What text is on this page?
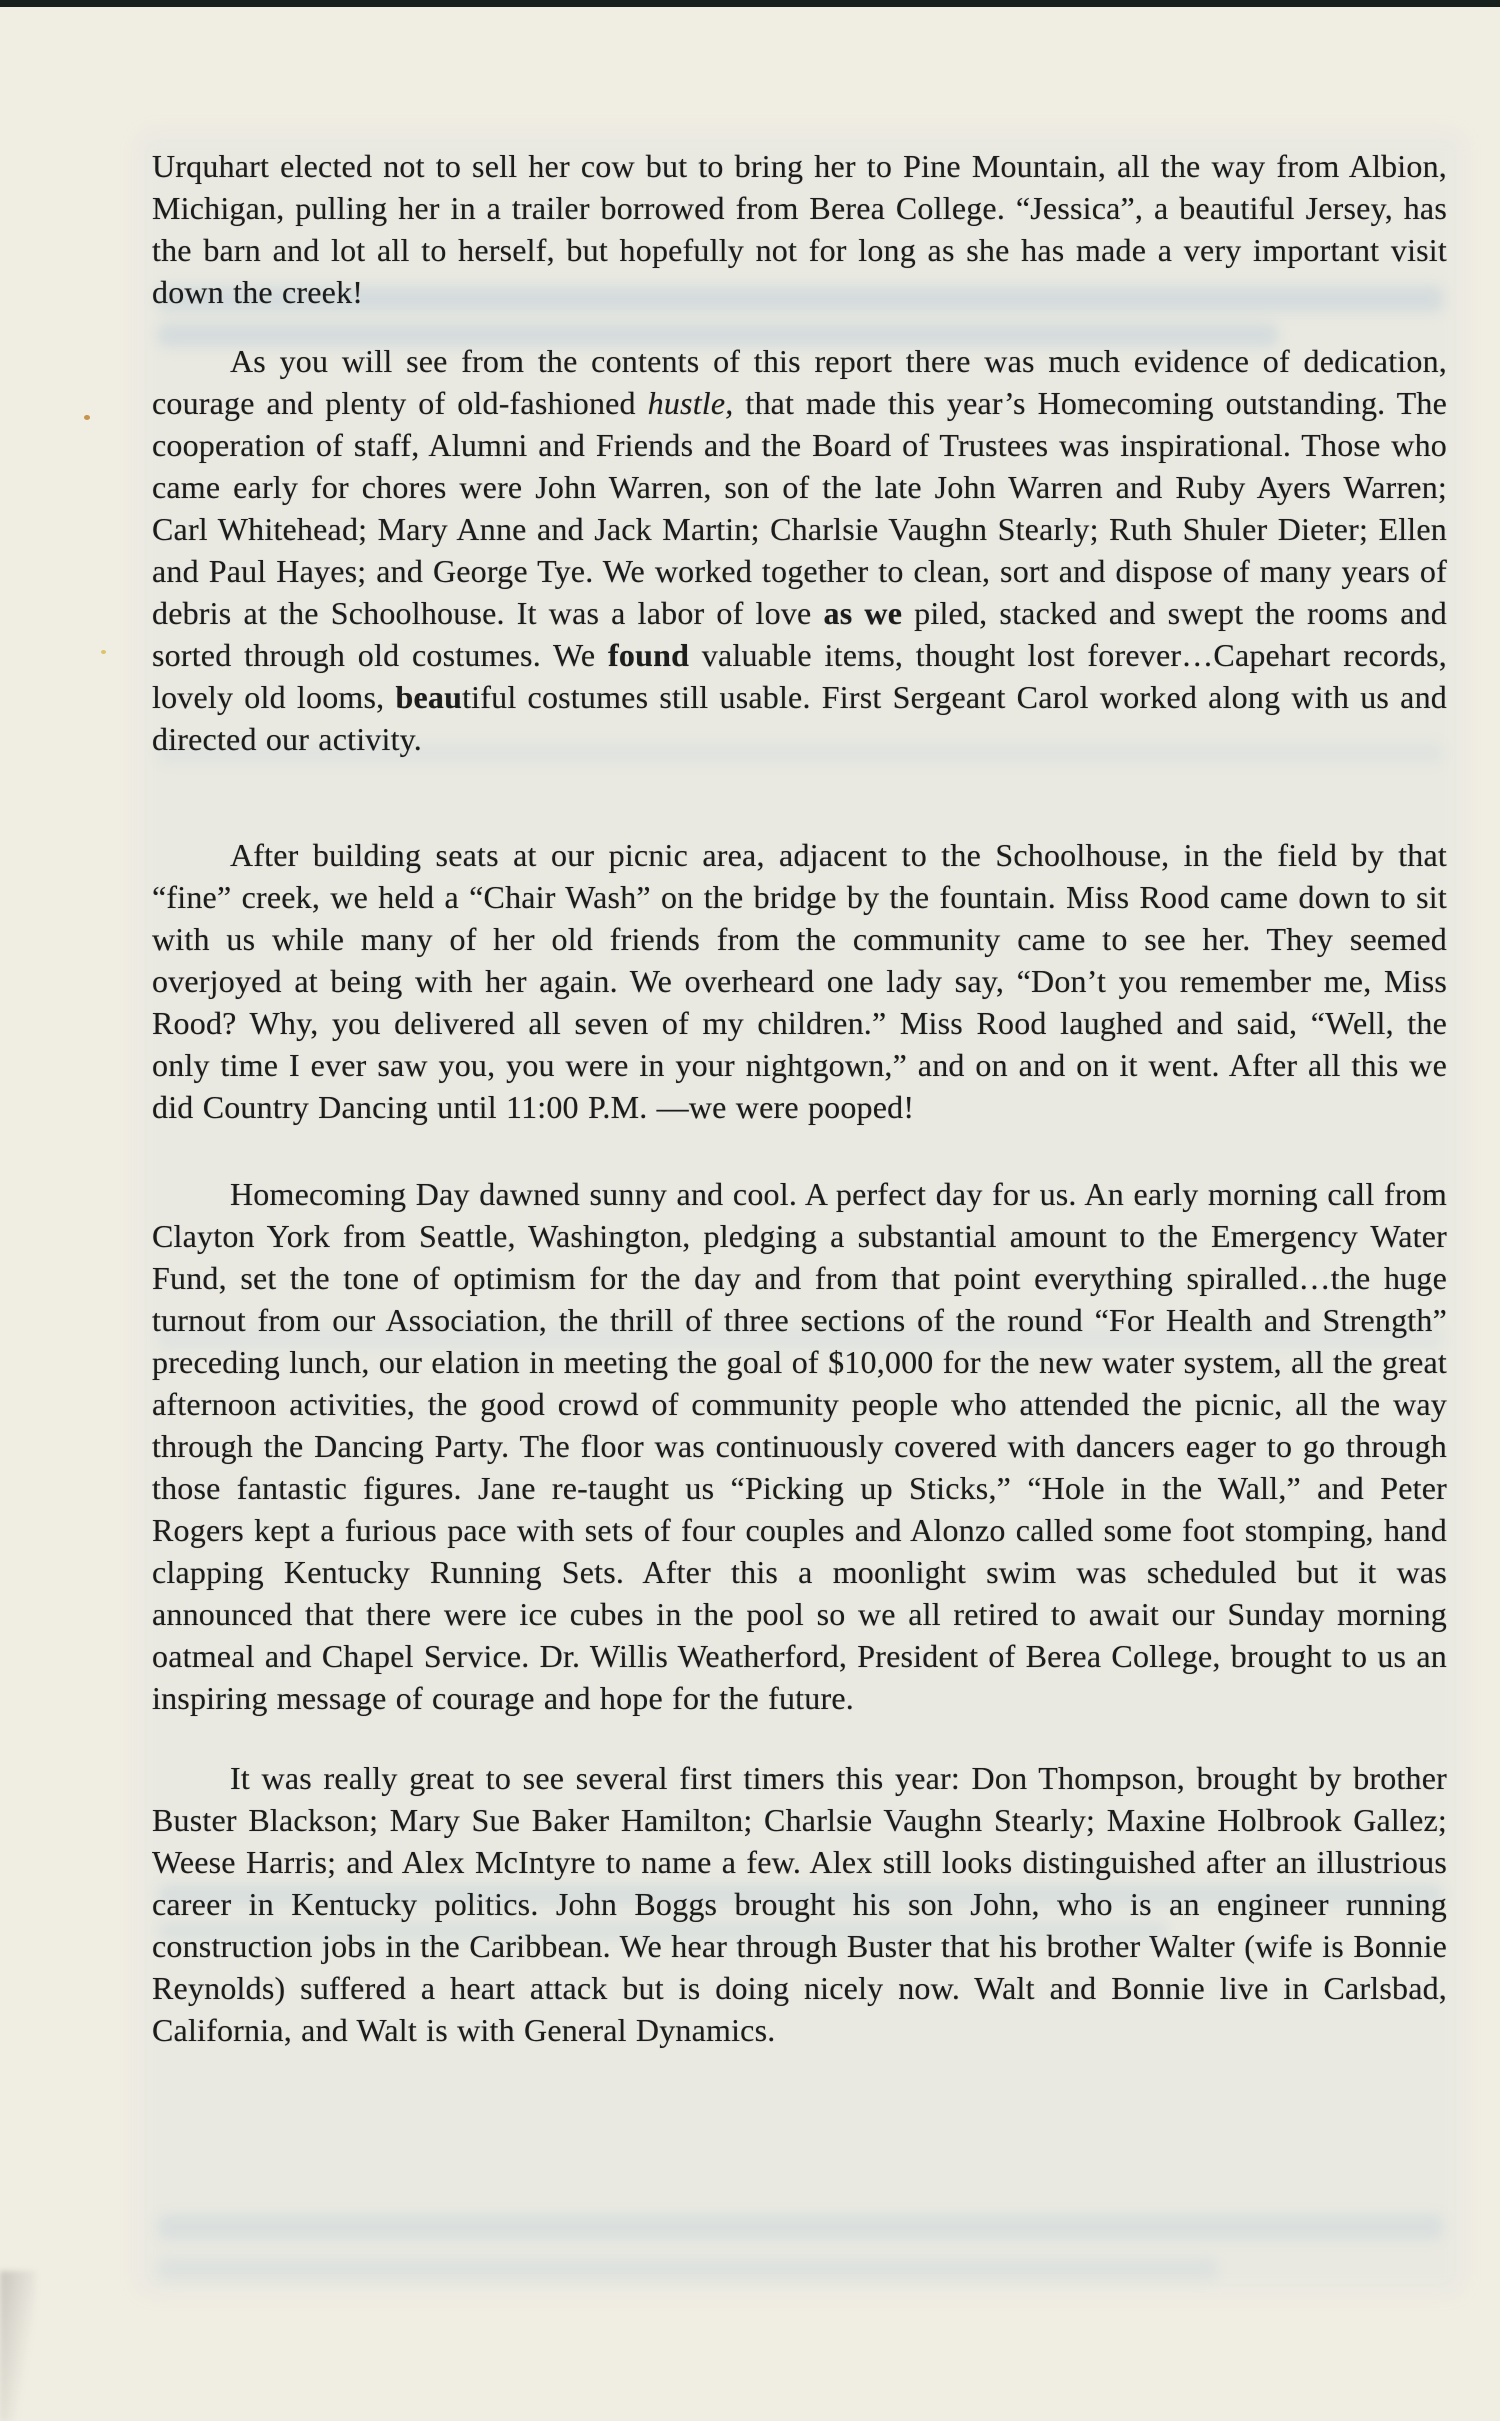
Urquhart elected not to sell her cow but to bring her to Pine Mountain, all the way from Albion, Michigan, pulling her in a trailer borrowed from Berea College. “Jessica”, a beautiful Jersey, has the barn and lot all to herself, but hopefully not for long as she has made a very important visit down the creek!

As you will see from the contents of this report there was much evidence of dedication, courage and plenty of old-fashioned hustle, that made this year’s Homecoming outstanding. The cooperation of staff, Alumni and Friends and the Board of Trustees was inspirational. Those who came early for chores were John Warren, son of the late John Warren and Ruby Ayers Warren; Carl Whitehead; Mary Anne and Jack Martin; Charlsie Vaughn Stearly; Ruth Shuler Dieter; Ellen and Paul Hayes; and George Tye. We worked together to clean, sort and dispose of many years of debris at the Schoolhouse. It was a labor of love as we piled, stacked and swept the rooms and sorted through old costumes. We found valuable items, thought lost forever…Capehart records, lovely old looms, beautiful costumes still usable. First Sergeant Carol worked along with us and directed our activity.

After building seats at our picnic area, adjacent to the Schoolhouse, in the field by that “fine” creek, we held a “Chair Wash” on the bridge by the fountain. Miss Rood came down to sit with us while many of her old friends from the community came to see her. They seemed overjoyed at being with her again. We overheard one lady say, “Don’t you remember me, Miss Rood? Why, you delivered all seven of my children.” Miss Rood laughed and said, “Well, the only time I ever saw you, you were in your nightgown,” and on and on it went. After all this we did Country Dancing until 11:00 P.M. —we were pooped!

Homecoming Day dawned sunny and cool. A perfect day for us. An early morning call from Clayton York from Seattle, Washington, pledging a substantial amount to the Emergency Water Fund, set the tone of optimism for the day and from that point everything spiralled…the huge turnout from our Association, the thrill of three sections of the round “For Health and Strength” preceding lunch, our elation in meeting the goal of $10,000 for the new water system, all the great afternoon activities, the good crowd of community people who attended the picnic, all the way through the Dancing Party. The floor was continuously covered with dancers eager to go through those fantastic figures. Jane re-taught us “Picking up Sticks,” “Hole in the Wall,” and Peter Rogers kept a furious pace with sets of four couples and Alonzo called some foot stomping, hand clapping Kentucky Running Sets. After this a moonlight swim was scheduled but it was announced that there were ice cubes in the pool so we all retired to await our Sunday morning oatmeal and Chapel Service. Dr. Willis Weatherford, President of Berea College, brought to us an inspiring message of courage and hope for the future.

It was really great to see several first timers this year: Don Thompson, brought by brother Buster Blackson; Mary Sue Baker Hamilton; Charlsie Vaughn Stearly; Maxine Holbrook Gallez; Weese Harris; and Alex McIntyre to name a few. Alex still looks distinguished after an illustrious career in Kentucky politics. John Boggs brought his son John, who is an engineer running construction jobs in the Caribbean. We hear through Buster that his brother Walter (wife is Bonnie Reynolds) suffered a heart attack but is doing nicely now. Walt and Bonnie live in Carlsbad, California, and Walt is with General Dynamics.
